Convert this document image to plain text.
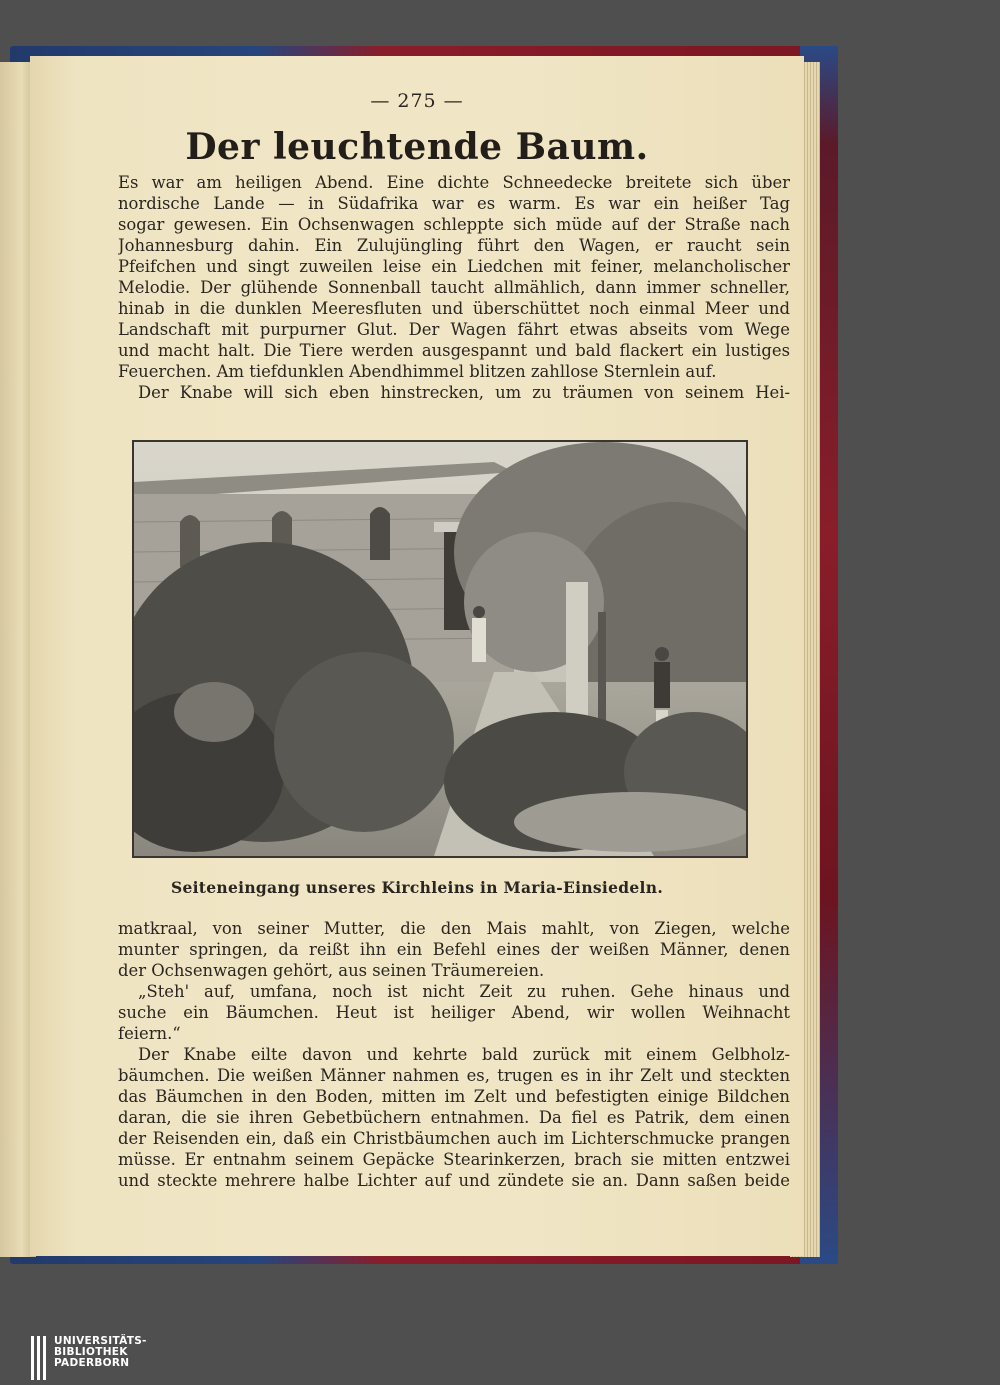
— 275 —
Der leuchtende Baum.
Es war am heiligen Abend. Eine dichte Schneedecke breitete sich über
nordische Lande — in Südafrika war es warm. Es war ein heißer Tag
sogar gewesen. Ein Ochsenwagen schleppte sich müde auf der Straße nach
Johannesburg dahin. Ein Zulujüngling führt den Wagen, er raucht sein
Pfeifchen und singt zuweilen leise ein Liedchen mit feiner, melancholischer
Melodie. Der glühende Sonnenball taucht allmählich, dann immer schneller,
hinab in die dunklen Meeresfluten und überschüttet noch einmal Meer und
Landschaft mit purpurner Glut. Der Wagen fährt etwas abseits vom Wege
und macht halt. Die Tiere werden ausgespannt und bald flackert ein lustiges
Feuerchen. Am tiefdunklen Abendhimmel blitzen zahllose Sternlein auf.
Der Knabe will sich eben hinstrecken, um zu träumen von seinem Hei-
Seiteneingang unseres Kirchleins in Maria-Einsiedeln.
matkraal, von seiner Mutter, die den Mais mahlt, von Ziegen, welche
munter springen, da reißt ihn ein Befehl eines der weißen Männer, denen
der Ochsenwagen gehört, aus seinen Träumereien.
„Steh' auf, umfana, noch ist nicht Zeit zu ruhen. Gehe hinaus und
suche ein Bäumchen. Heut ist heiliger Abend, wir wollen Weihnacht
feiern.“
Der Knabe eilte davon und kehrte bald zurück mit einem Gelbholz-
bäumchen. Die weißen Männer nahmen es, trugen es in ihr Zelt und steckten
das Bäumchen in den Boden, mitten im Zelt und befestigten einige Bildchen
daran, die sie ihren Gebetbüchern entnahmen. Da fiel es Patrik, dem einen
der Reisenden ein, daß ein Christbäumchen auch im Lichterschmucke prangen
müsse. Er entnahm seinem Gepäcke Stearinkerzen, brach sie mitten entzwei
und steckte mehrere halbe Lichter auf und zündete sie an. Dann saßen beide
UNIVERSITÄTS-
BIBLIOTHEK
PADERBORN
